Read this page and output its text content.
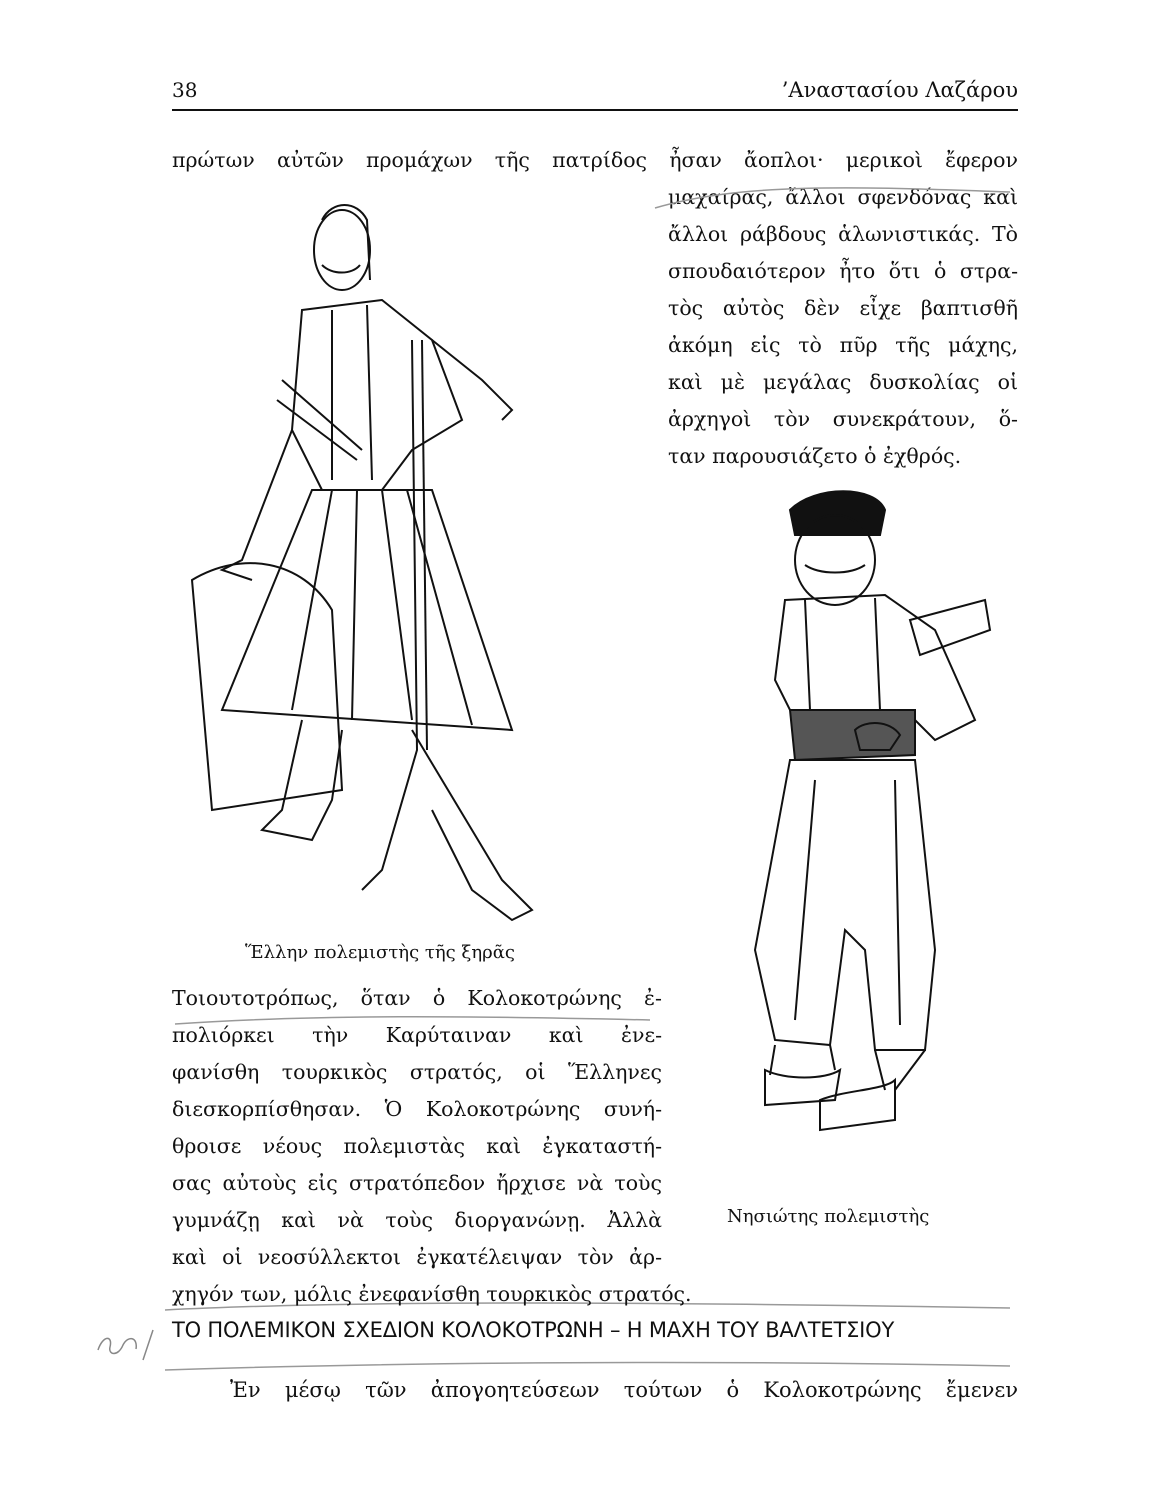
38	’Αναστασίου Λαζάρου

πρώτων αὐτῶν προμάχων τῆς πατρίδος ἦσαν ἄοπλοι· μερικοὶ ἔφερον

μαχαίρας, ἄλλοι σφενδόνας καὶ
ἄλλοι ράβδους ἁλωνιστικάς. Τὸ
σπουδαιότερον ἦτο ὅτι ὁ στρα-
τὸς αὐτὸς δὲν εἶχε βαπτισθῆ
ἀκόμη εἰς τὸ πῦρ τῆς μάχης,
καὶ μὲ μεγάλας δυσκολίας οἱ
ἀρχηγοὶ τὸν συνεκράτουν, ὅ-
ταν παρουσιάζετο ὁ ἐχθρός.

Ἕλλην πολεμιστὴς τῆς ξηρᾶς
Νησιώτης πολεμιστὴς

Τοιουτοτρόπως, ὅταν ὁ Κολοκοτρώνης ἐ-
πολιόρκει τὴν Καρύταιναν καὶ ἐνε-
φανίσθη τουρκικὸς στρατός, οἱ Ἕλληνες
διεσκορπίσθησαν. Ὁ Κολοκοτρώνης συνή-
θροισε νέους πολεμιστὰς καὶ ἐγκαταστή-
σας αὐτοὺς εἰς στρατόπεδον ἤρχισε νὰ τοὺς
γυμνάζῃ καὶ νὰ τοὺς διοργανώνῃ. Ἀλλὰ
καὶ οἱ νεοσύλλεκτοι ἐγκατέλειψαν τὸν ἀρ-
χηγόν των, μόλις ἐνεφανίσθη τουρκικὸς στρατός.

ΤΟ ΠΟΛΕΜΙΚΟΝ ΣΧΕΔΙΟΝ ΚΟΛΟΚΟΤΡΩΝΗ – Η ΜΑΧΗ ΤΟΥ ΒΑΛΤΕΤΣΙΟΥ

Ἐν μέσῳ τῶν ἀπογοητεύσεων τούτων ὁ Κολοκοτρώνης ἔμενεν
